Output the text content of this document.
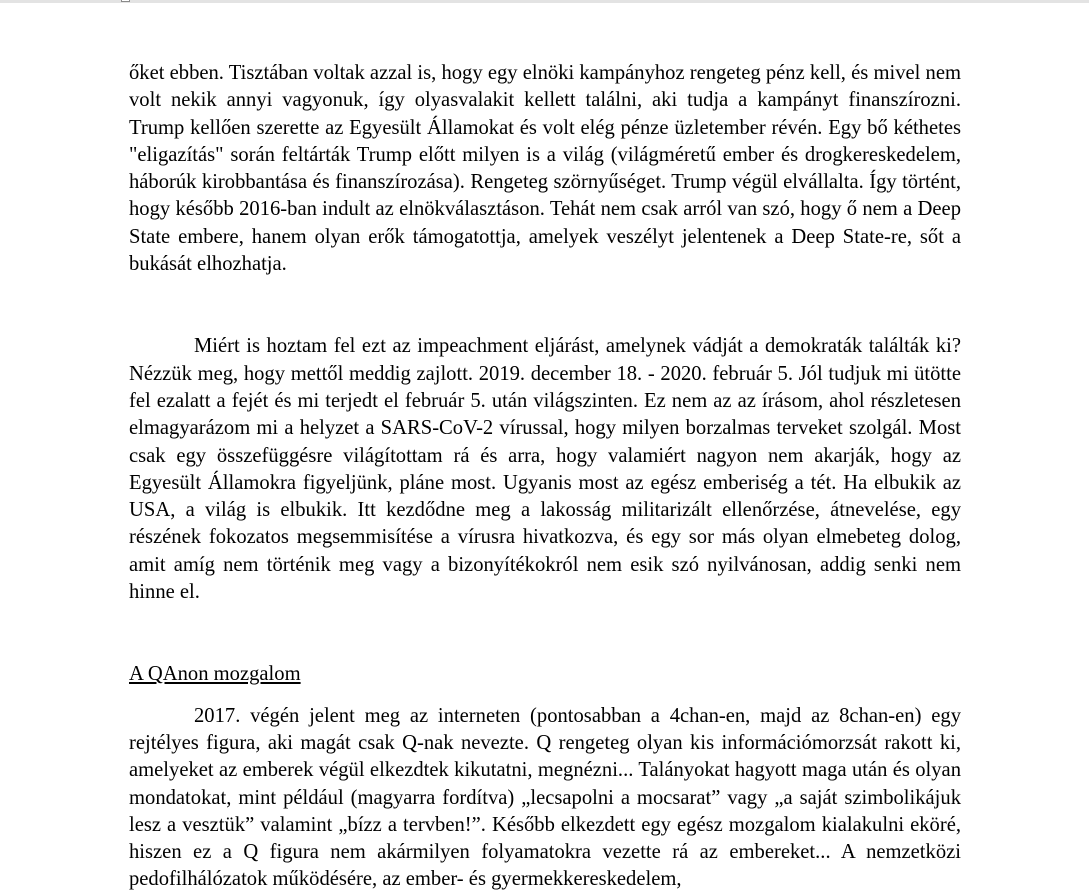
őket ebben. Tisztában voltak azzal is, hogy egy elnöki kampányhoz rengeteg pénz kell, és mivel nem volt nekik annyi vagyonuk, így olyasvalakit kellett találni, aki tudja a kampányt finanszírozni. Trump kellően szerette az Egyesült Államokat és volt elég pénze üzletember révén. Egy bő kéthetes "eligazítás" során feltárták Trump előtt milyen is a világ (világméretű ember és drogkereskedelem, háborúk kirobbantása és finanszírozása). Rengeteg szörnyűséget. Trump végül elvállalta. Így történt, hogy később 2016-ban indult az elnökválasztáson. Tehát nem csak arról van szó, hogy ő nem a Deep State embere, hanem olyan erők támogatottja, amelyek veszélyt jelentenek a Deep State-re, sőt a bukását elhozhatja.

Miért is hoztam fel ezt az impeachment eljárást, amelynek vádját a demokraták találták ki? Nézzük meg, hogy mettől meddig zajlott. 2019. december 18. - 2020. február 5. Jól tudjuk mi ütötte fel ezalatt a fejét és mi terjedt el február 5. után világszinten. Ez nem az az írásom, ahol részletesen elmagyarázom mi a helyzet a SARS-CoV-2 vírussal, hogy milyen borzalmas terveket szolgál. Most csak egy összefüggésre világítottam rá és arra, hogy valamiért nagyon nem akarják, hogy az Egyesült Államokra figyeljünk, pláne most. Ugyanis most az egész emberiség a tét. Ha elbukik az USA, a világ is elbukik. Itt kezdődne meg a lakosság militarizált ellenőrzése, átnevelése, egy részének fokozatos megsemmisítése a vírusra hivatkozva, és egy sor más olyan elmebeteg dolog, amit amíg nem történik meg vagy a bizonyítékokról nem esik szó nyilvánosan, addig senki nem hinne el.

A QAnon mozgalom

2017. végén jelent meg az interneten (pontosabban a 4chan-en, majd az 8chan-en) egy rejtélyes figura, aki magát csak Q-nak nevezte. Q rengeteg olyan kis információmorzsát rakott ki, amelyeket az emberek végül elkezdtek kikutatni, megnézni... Talányokat hagyott maga után és olyan mondatokat, mint például (magyarra fordítva) „lecsapolni a mocsarat” vagy „a saját szimbolikájuk lesz a vesztük” valamint „bízz a tervben!”. Később elkezdett egy egész mozgalom kialakulni eköré, hiszen ez a Q figura nem akármilyen folyamatokra vezette rá az embereket... A nemzetközi pedofilhálózatok működésére, az ember- és gyermekkereskedelem,
